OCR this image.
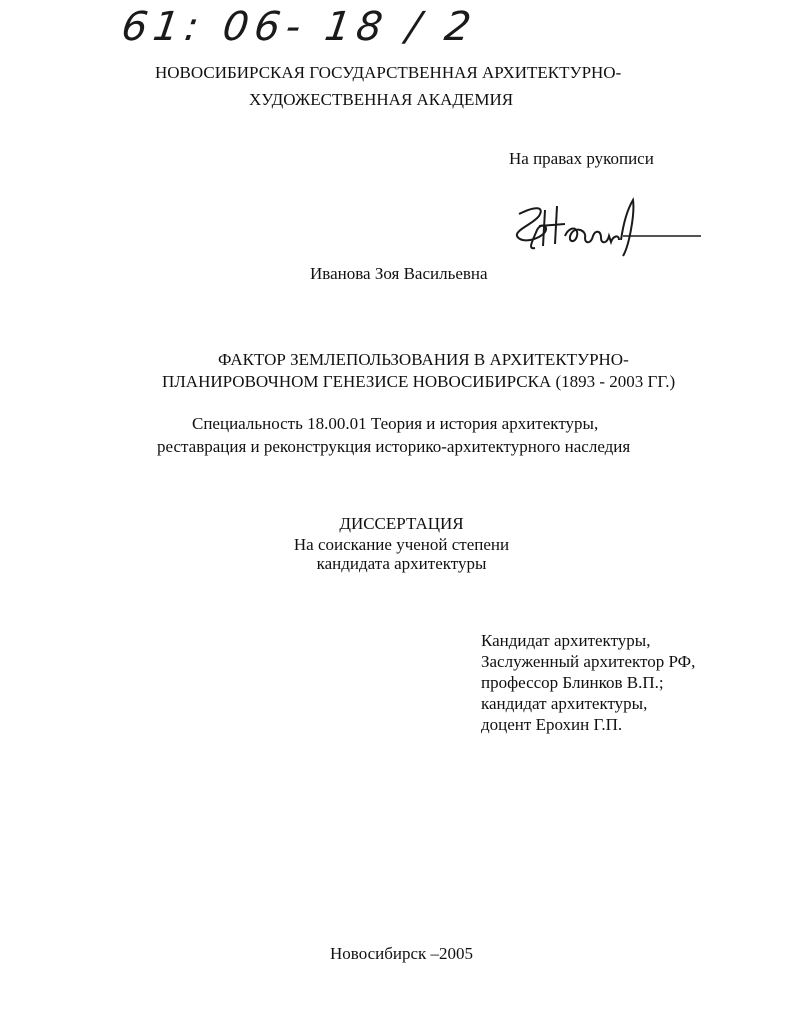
61: 06- 18 / 2
НОВОСИБИРСКАЯ ГОСУДАРСТВЕННАЯ АРХИТЕКТУРНО-
ХУДОЖЕСТВЕННАЯ АКАДЕМИЯ
На правах рукописи
Иванова Зоя Васильевна
ФАКТОР ЗЕМЛЕПОЛЬЗОВАНИЯ В АРХИТЕКТУРНО-
ПЛАНИРОВОЧНОМ ГЕНЕЗИСЕ НОВОСИБИРСКА (1893 - 2003 ГГ.)
Специальность 18.00.01 Теория и история архитектуры,
реставрация и реконструкция историко-архитектурного наследия
ДИССЕРТАЦИЯ
На соискание ученой степени
кандидата архитектуры
Кандидат архитектуры,
Заслуженный архитектор РФ,
профессор Блинков В.П.;
кандидат архитектуры,
доцент Ерохин Г.П.
Новосибирск –2005
